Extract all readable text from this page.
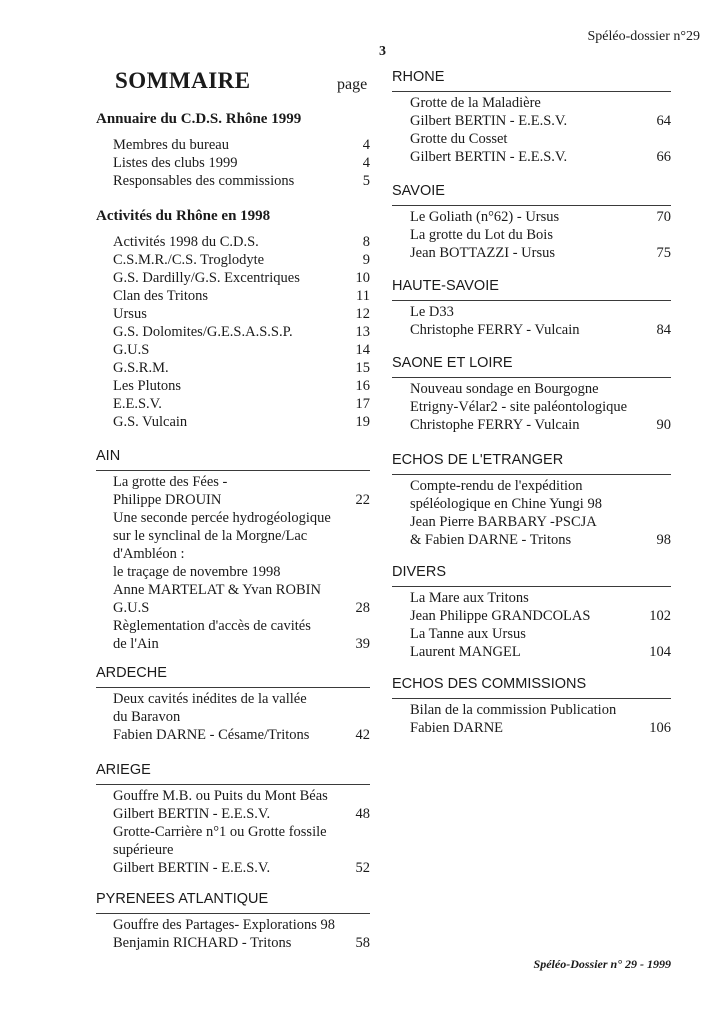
Spéléo-dossier n°29
3
SOMMAIRE	page
Annuaire du C.D.S. Rhône 1999
Membres du bureau	4
Listes des clubs 1999	4
Responsables des commissions	5
Activités du Rhône en 1998
Activités 1998 du C.D.S.	8
C.S.M.R./C.S. Troglodyte	9
G.S. Dardilly/G.S. Excentriques	10
Clan des Tritons	11
Ursus	12
G.S. Dolomites/G.E.S.A.S.S.P.	13
G.U.S	14
G.S.R.M.	15
Les Plutons	16
E.E.S.V.	17
G.S. Vulcain	19
AIN
La grotte des Fées -
Philippe DROUIN	22
Une seconde percée hydrogéologique
sur le synclinal de la Morgne/Lac
d'Ambléon :
le traçage de novembre 1998
Anne MARTELAT & Yvan ROBIN
G.U.S	28
Règlementation d'accès de cavités
de l'Ain	39
ARDECHE
Deux cavités inédites de la vallée
du Baravon
Fabien DARNE - Césame/Tritons	42
ARIEGE
Gouffre M.B. ou Puits du Mont Béas
Gilbert BERTIN - E.E.S.V.	48
Grotte-Carrière n°1 ou Grotte fossile
supérieure
Gilbert BERTIN - E.E.S.V.	52
PYRENEES ATLANTIQUE
Gouffre des Partages- Explorations 98
Benjamin RICHARD - Tritons	58
RHONE
Grotte de la Maladière
Gilbert BERTIN - E.E.S.V.	64
Grotte du Cosset
Gilbert BERTIN - E.E.S.V.	66
SAVOIE
Le Goliath (n°62) - Ursus	70
La grotte du Lot du Bois
Jean BOTTAZZI - Ursus	75
HAUTE-SAVOIE
Le D33
Christophe FERRY - Vulcain	84
SAONE ET LOIRE
Nouveau sondage en Bourgogne
Etrigny-Vélar2 - site paléontologique
Christophe FERRY - Vulcain	90
ECHOS DE L'ETRANGER
Compte-rendu de l'expédition
spéléologique en Chine Yungi 98
Jean Pierre BARBARY -PSCJA
& Fabien DARNE - Tritons	98
DIVERS
La Mare aux Tritons
Jean Philippe GRANDCOLAS	102
La Tanne aux Ursus
Laurent MANGEL	104
ECHOS DES COMMISSIONS
Bilan de la commission Publication
Fabien DARNE	106
Spéléo-Dossier n° 29 - 1999
